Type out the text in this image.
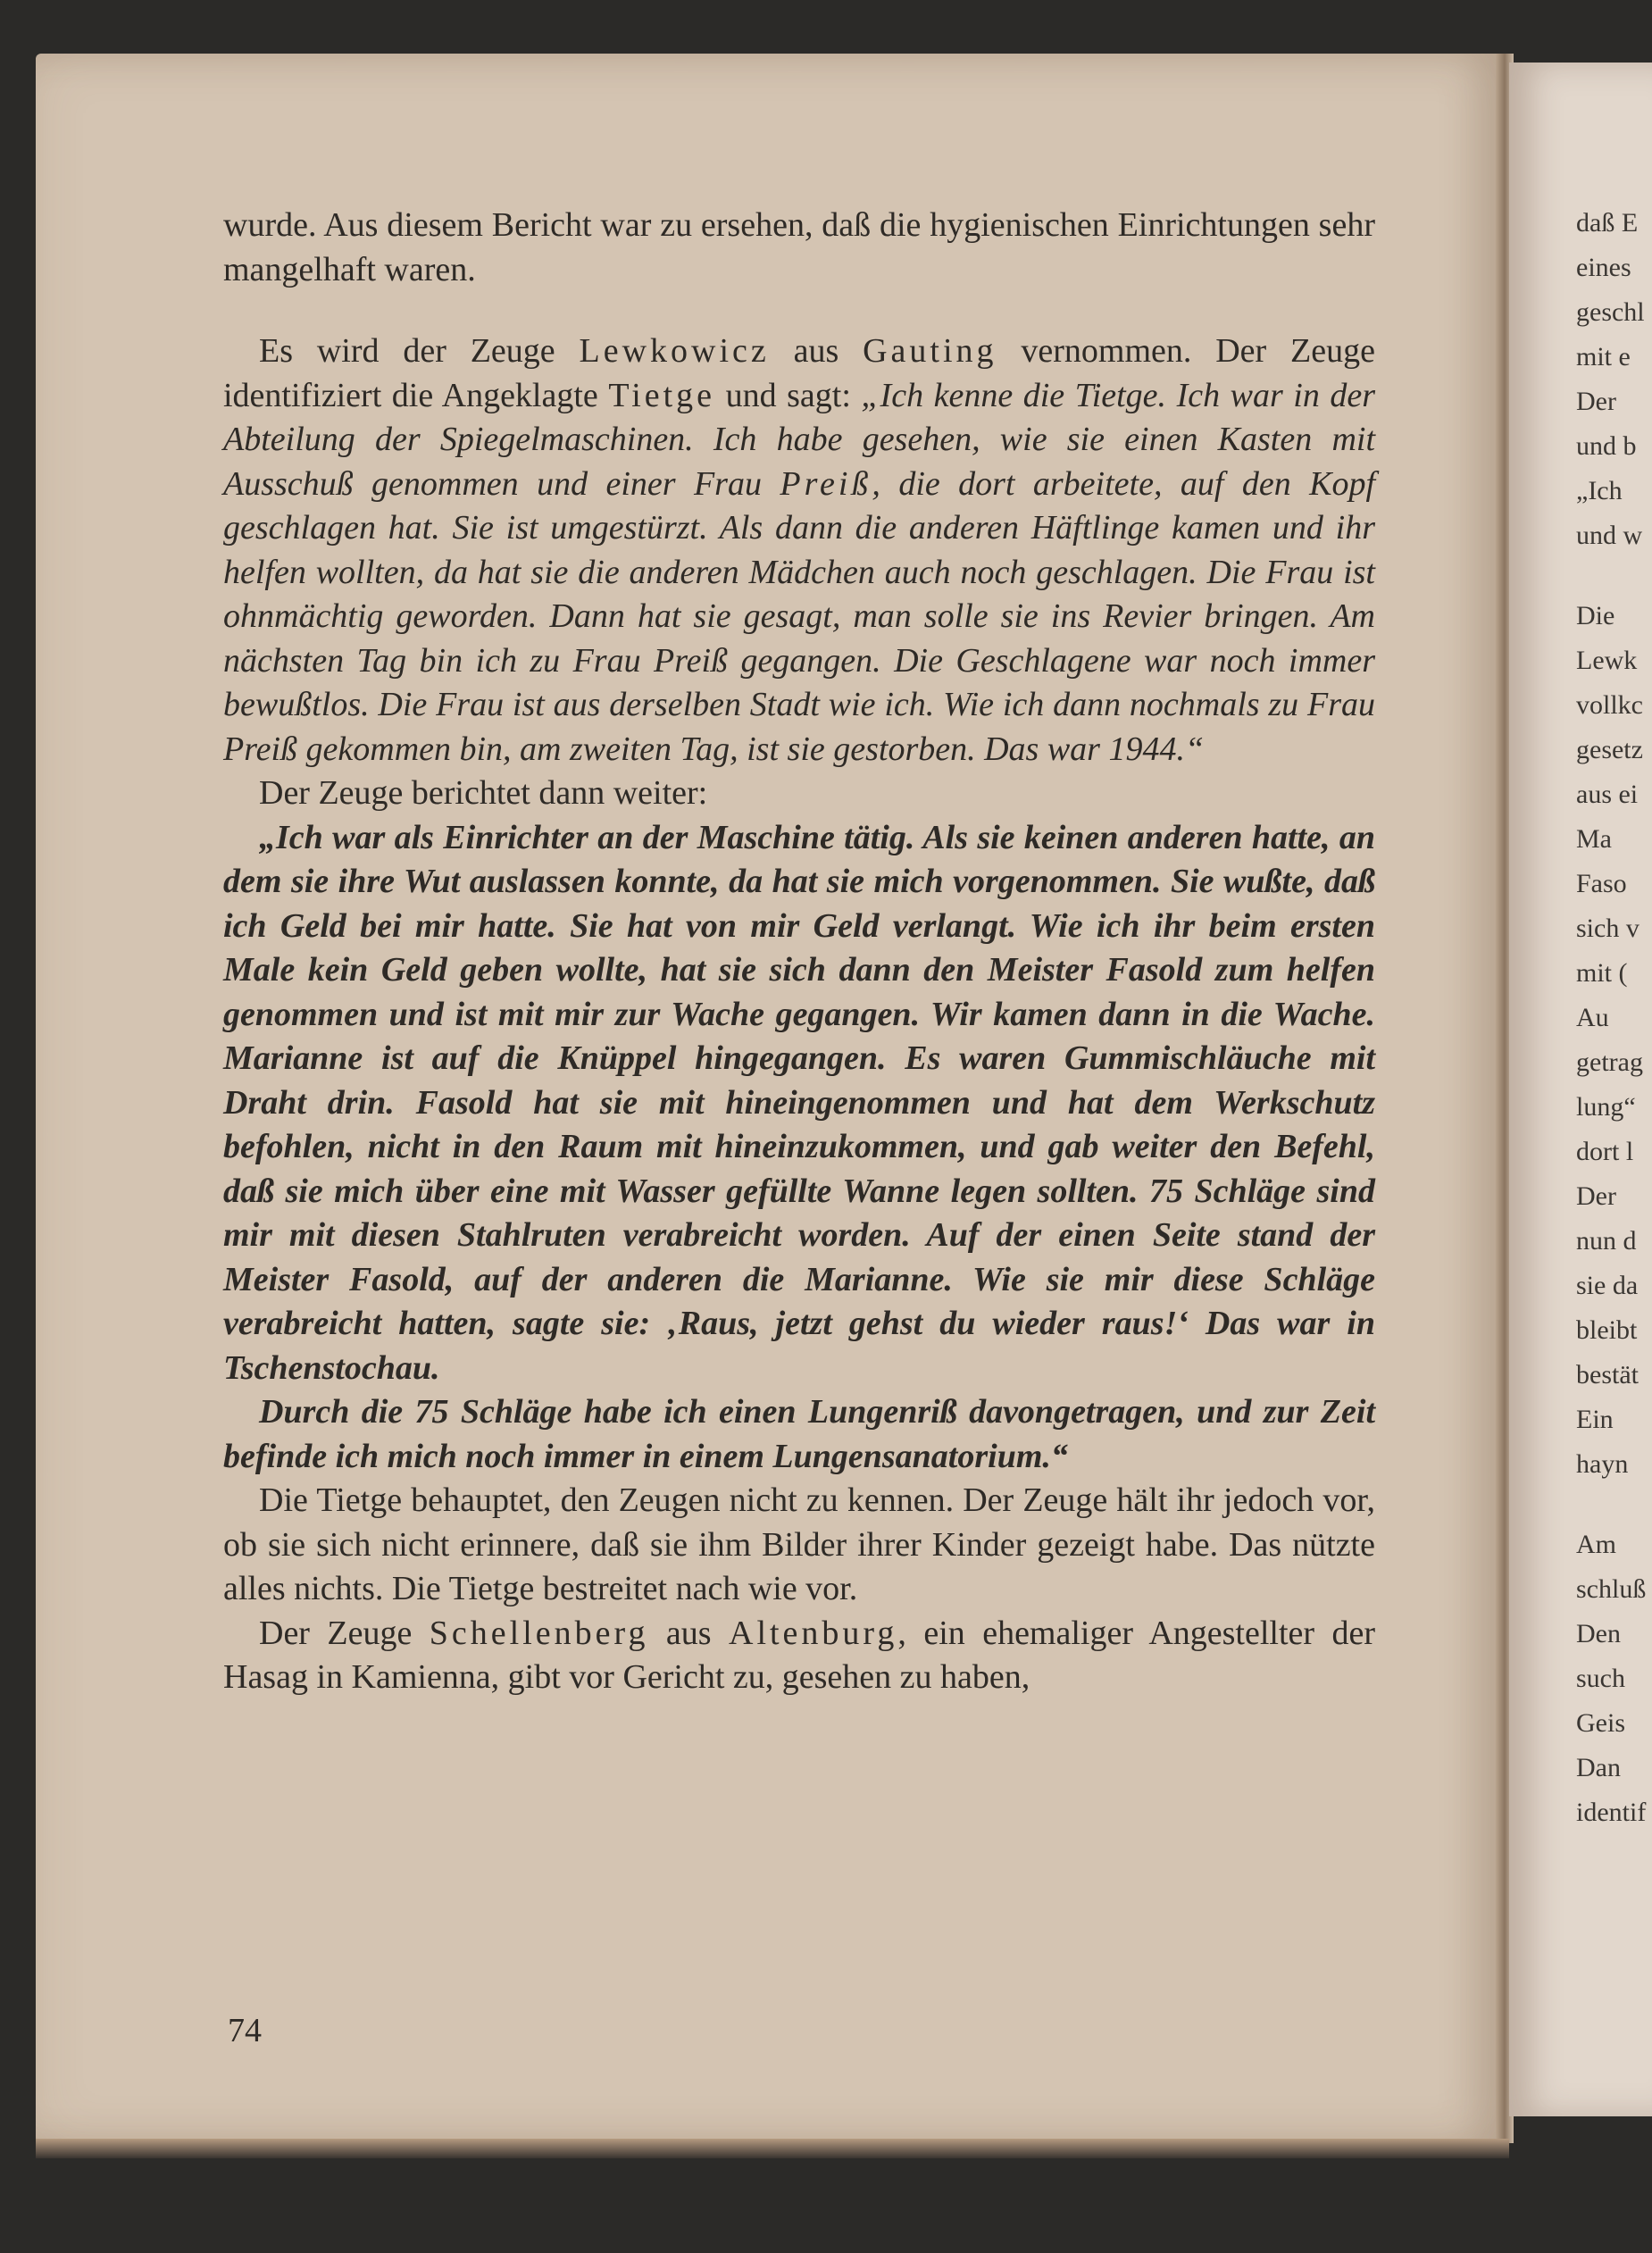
wurde. Aus diesem Bericht war zu ersehen, daß die hygienischen Einrichtungen sehr mangelhaft waren.

Es wird der Zeuge Lewkowicz aus Gauting vernommen. Der Zeuge identifiziert die Angeklagte Tietge und sagt: „Ich kenne die Tietge. Ich war in der Abteilung der Spiegelmaschinen. Ich habe gesehen, wie sie einen Kasten mit Ausschuß genommen und einer Frau Preiß, die dort arbeitete, auf den Kopf geschlagen hat. Sie ist umgestürzt. Als dann die anderen Häftlinge kamen und ihr helfen wollten, da hat sie die anderen Mädchen auch noch geschlagen. Die Frau ist ohnmächtig geworden. Dann hat sie gesagt, man solle sie ins Revier bringen. Am nächsten Tag bin ich zu Frau Preiß gegangen. Die Geschlagene war noch immer bewußtlos. Die Frau ist aus derselben Stadt wie ich. Wie ich dann nochmals zu Frau Preiß gekommen bin, am zweiten Tag, ist sie gestorben. Das war 1944.“

Der Zeuge berichtet dann weiter:

„Ich war als Einrichter an der Maschine tätig. Als sie keinen anderen hatte, an dem sie ihre Wut auslassen konnte, da hat sie mich vorgenommen. Sie wußte, daß ich Geld bei mir hatte. Sie hat von mir Geld verlangt. Wie ich ihr beim ersten Male kein Geld geben wollte, hat sie sich dann den Meister Fasold zum helfen genommen und ist mit mir zur Wache gegangen. Wir kamen dann in die Wache. Marianne ist auf die Knüppel hingegangen. Es waren Gummischläuche mit Draht drin. Fasold hat sie mit hineingenommen und hat dem Werkschutz befohlen, nicht in den Raum mit hineinzukommen, und gab weiter den Befehl, daß sie mich über eine mit Wasser gefüllte Wanne legen sollten. 75 Schläge sind mir mit diesen Stahlruten verabreicht worden. Auf der einen Seite stand der Meister Fasold, auf der anderen die Marianne. Wie sie mir diese Schläge verabreicht hatten, sagte sie: ‚Raus, jetzt gehst du wieder raus!‘ Das war in Tschenstochau.

Durch die 75 Schläge habe ich einen Lungenriß davongetragen, und zur Zeit befinde ich mich noch immer in einem Lungensanatorium.“

Die Tietge behauptet, den Zeugen nicht zu kennen. Der Zeuge hält ihr jedoch vor, ob sie sich nicht erinnere, daß sie ihm Bilder ihrer Kinder gezeigt habe. Das nützte alles nichts. Die Tietge bestreitet nach wie vor.

Der Zeuge Schellenberg aus Altenburg, ein ehemaliger Angestellter der Hasag in Kamienna, gibt vor Gericht zu, gesehen zu haben,

74
daß E
eines
geschl
mit e
Der
und b
„Ich
und w
Die
Lewk
vollkc
gesetz
aus ei
Ma
Faso
sich v
mit (
Au
getrag
lung“
dort l
Der
nun d
sie da
bleibt
bestät
Ein
hayn
Am
schluß
Den
such
Geis
Dan
identif
